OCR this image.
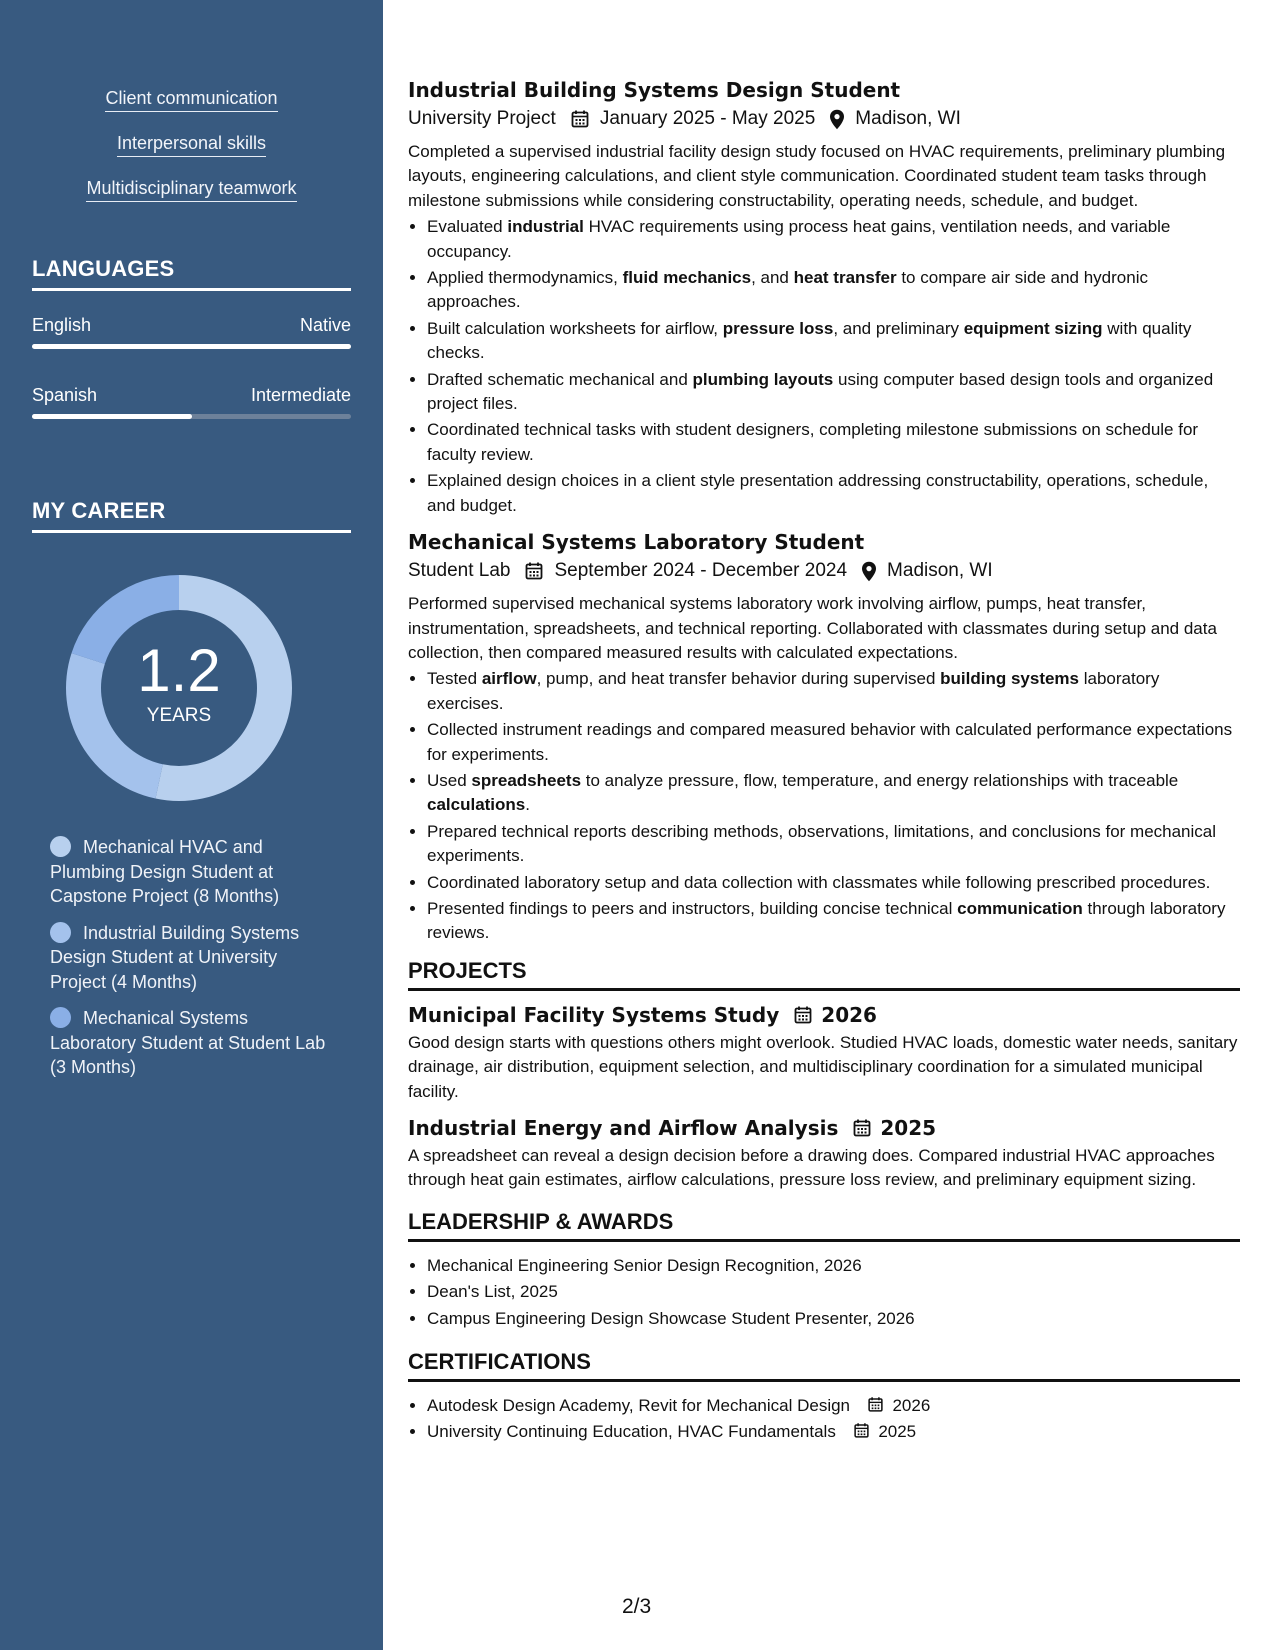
Client communication
Interpersonal skills
Multidisciplinary teamwork
LANGUAGES
English	Native
Spanish	Intermediate
MY CAREER
1.2
YEARS
Mechanical HVAC and Plumbing Design Student at Capstone Project (8 Months)
Industrial Building Systems Design Student at University Project (4 Months)
Mechanical Systems Laboratory Student at Student Lab (3 Months)
Industrial Building Systems Design Student
University Project January 2025 - May 2025 Madison, WI

Completed a supervised industrial facility design study focused on HVAC requirements, preliminary plumbing layouts, engineering calculations, and client style communication. Coordinated student team tasks through milestone submissions while considering constructability, operating needs, schedule, and budget.

• Evaluated industrial HVAC requirements using process heat gains, ventilation needs, and variable occupancy.
• Applied thermodynamics, fluid mechanics, and heat transfer to compare air side and hydronic approaches.
• Built calculation worksheets for airflow, pressure loss, and preliminary equipment sizing with quality checks.
• Drafted schematic mechanical and plumbing layouts using computer based design tools and organized project files.
• Coordinated technical tasks with student designers, completing milestone submissions on schedule for faculty review.
• Explained design choices in a client style presentation addressing constructability, operations, schedule, and budget.
Mechanical Systems Laboratory Student
Student Lab September 2024 - December 2024 Madison, WI

Performed supervised mechanical systems laboratory work involving airflow, pumps, heat transfer, instrumentation, spreadsheets, and technical reporting. Collaborated with classmates during setup and data collection, then compared measured results with calculated expectations.

• Tested airflow, pump, and heat transfer behavior during supervised building systems laboratory exercises.
• Collected instrument readings and compared measured behavior with calculated performance expectations for experiments.
• Used spreadsheets to analyze pressure, flow, temperature, and energy relationships with traceable calculations.
• Prepared technical reports describing methods, observations, limitations, and conclusions for mechanical experiments.
• Coordinated laboratory setup and data collection with classmates while following prescribed procedures.
• Presented findings to peers and instructors, building concise technical communication through laboratory reviews.
PROJECTS
Municipal Facility Systems Study 2026

Good design starts with questions others might overlook. Studied HVAC loads, domestic water needs, sanitary drainage, air distribution, equipment selection, and multidisciplinary coordination for a simulated municipal facility.

Industrial Energy and Airflow Analysis 2025

A spreadsheet can reveal a design decision before a drawing does. Compared industrial HVAC approaches through heat gain estimates, airflow calculations, pressure loss review, and preliminary equipment sizing.

LEADERSHIP & AWARDS
• Mechanical Engineering Senior Design Recognition, 2026
• Dean's List, 2025
• Campus Engineering Design Showcase Student Presenter, 2026
CERTIFICATIONS
• Autodesk Design Academy, Revit for Mechanical Design 2026
• University Continuing Education, HVAC Fundamentals 2025
2/3
